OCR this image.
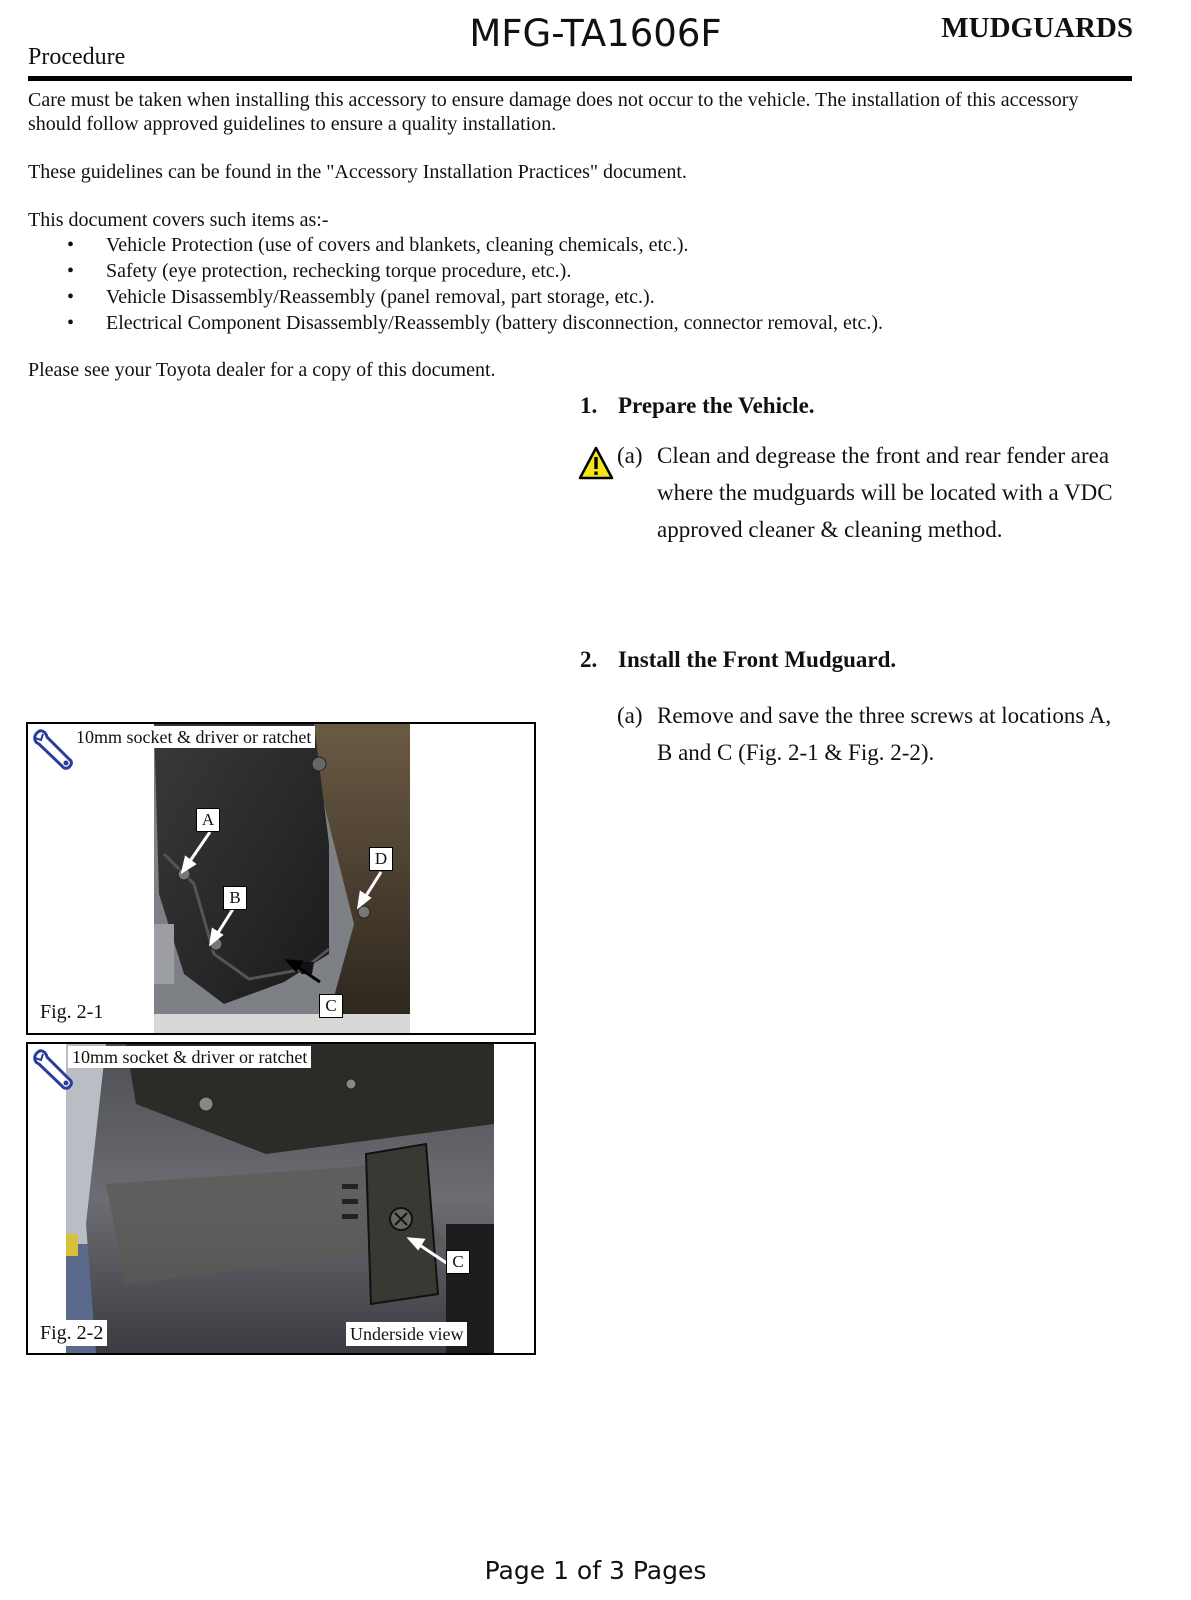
MFG-TA1606F	MUDGUARDS
Procedure

Care must be taken when installing this accessory to ensure damage does not occur to the vehicle. The installation of this accessory should follow approved guidelines to ensure a quality installation.

These guidelines can be found in the "Accessory Installation Practices" document.

This document covers such items as:-

• Vehicle Protection (use of covers and blankets, cleaning chemicals, etc.).
• Safety (eye protection, rechecking torque procedure, etc.).
• Vehicle Disassembly/Reassembly (panel removal, part storage, etc.).
• Electrical Component Disassembly/Reassembly (battery disconnection, connector removal, etc.).

Please see your Toyota dealer for a copy of this document.

1. Prepare the Vehicle.
(a) Clean and degrease the front and rear fender area where the mudguards will be located with a VDC approved cleaner & cleaning method.
2. Install the Front Mudguard.
(a) Remove and save the three screws at locations A, B and C (Fig. 2-1 & Fig. 2-2).
10mm socket & driver or ratchet
A
B
C
D
Fig. 2-1
10mm socket & driver or ratchet
C
Fig. 2-2	Underside view
Page 1 of 3 Pages
